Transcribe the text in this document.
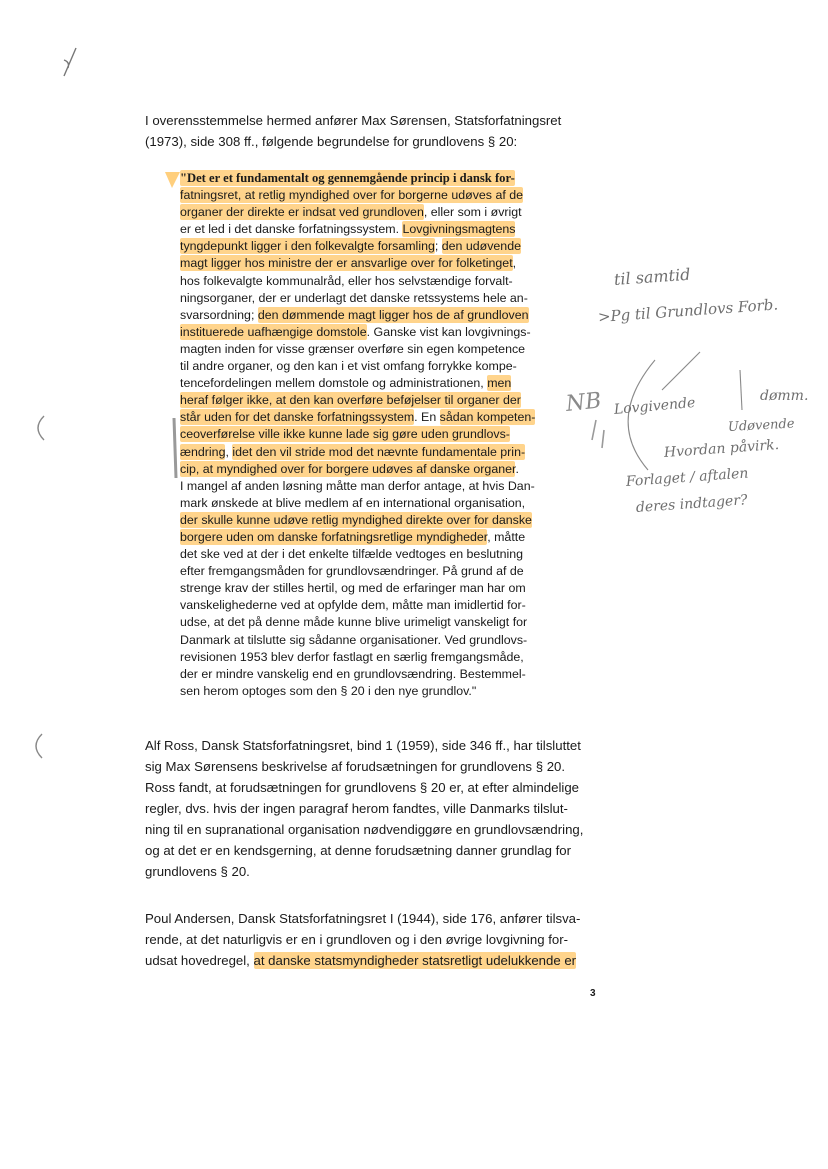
I overensstemmelse hermed anfører Max Sørensen, Statsforfatningsret
(1973), side 308 ff., følgende begrundelse for grundlovens § 20:

"Det er et fundamentalt og gennemgående princip i dansk for-
fatningsret, at retlig myndighed over for borgerne udøves af de
organer der direkte er indsat ved grundloven, eller som i øvrigt
er et led i det danske forfatningssystem. Lovgivningsmagtens
tyngdepunkt ligger i den folkevalgte forsamling; den udøvende
magt ligger hos ministre der er ansvarlige over for folketinget,
hos folkevalgte kommunalråd, eller hos selvstændige forvalt-
ningsorganer, der er underlagt det danske retssystems hele an-
svarsordning; den dømmende magt ligger hos de af grundloven
instituerede uafhængige domstole. Ganske vist kan lovgivnings-
magten inden for visse grænser overføre sin egen kompetence
til andre organer, og den kan i et vist omfang forrykke kompe-
tencefordelingen mellem domstole og administrationen, men
heraf følger ikke, at den kan overføre beføjelser til organer der
står uden for det danske forfatningssystem. En sådan kompeten-
ceoverførelse ville ikke kunne lade sig gøre uden grundlovs-
ændring, idet den vil stride mod det nævnte fundamentale prin-
cip, at myndighed over for borgere udøves af danske organer.
I mangel af anden løsning måtte man derfor antage, at hvis Dan-
mark ønskede at blive medlem af en international organisation,
der skulle kunne udøve retlig myndighed direkte over for danske
borgere uden om danske forfatningsretlige myndigheder, måtte
det ske ved at der i det enkelte tilfælde vedtoges en beslutning
efter fremgangsmåden for grundlovsændringer. På grund af de
strenge krav der stilles hertil, og med de erfaringer man har om
vanskelighederne ved at opfylde dem, måtte man imidlertid for-
udse, at det på denne måde kunne blive urimeligt vanskeligt for
Danmark at tilslutte sig sådanne organisationer. Ved grundlovs-
revisionen 1953 blev derfor fastlagt en særlig fremgangsmåde,
der er mindre vanskelig end en grundlovsændring. Bestemmel-
sen herom optoges som den § 20 i den nye grundlov."

Alf Ross, Dansk Statsforfatningsret, bind 1 (1959), side 346 ff., har tilsluttet
sig Max Sørensens beskrivelse af forudsætningen for grundlovens § 20.
Ross fandt, at forudsætningen for grundlovens § 20 er, at efter almindelige
regler, dvs. hvis der ingen paragraf herom fandtes, ville Danmarks tilslut-
ning til en supranational organisation nødvendiggøre en grundlovsændring,
og at det er en kendsgerning, at denne forudsætning danner grundlag for
grundlovens § 20.

Poul Andersen, Dansk Statsforfatningsret I (1944), side 176, anfører tilsva-
rende, at det naturligvis er en i grundloven og i den øvrige lovgivning for-
udsat hovedregel, at danske statsmyndigheder statsretligt udelukkende er

3
til samtid
>Pg til Grundlovs Forb.
NB Lovgivende	dømm.
Udøvende
Hvordan påvirk.
Forlaget / aftalen
deres indtager?
